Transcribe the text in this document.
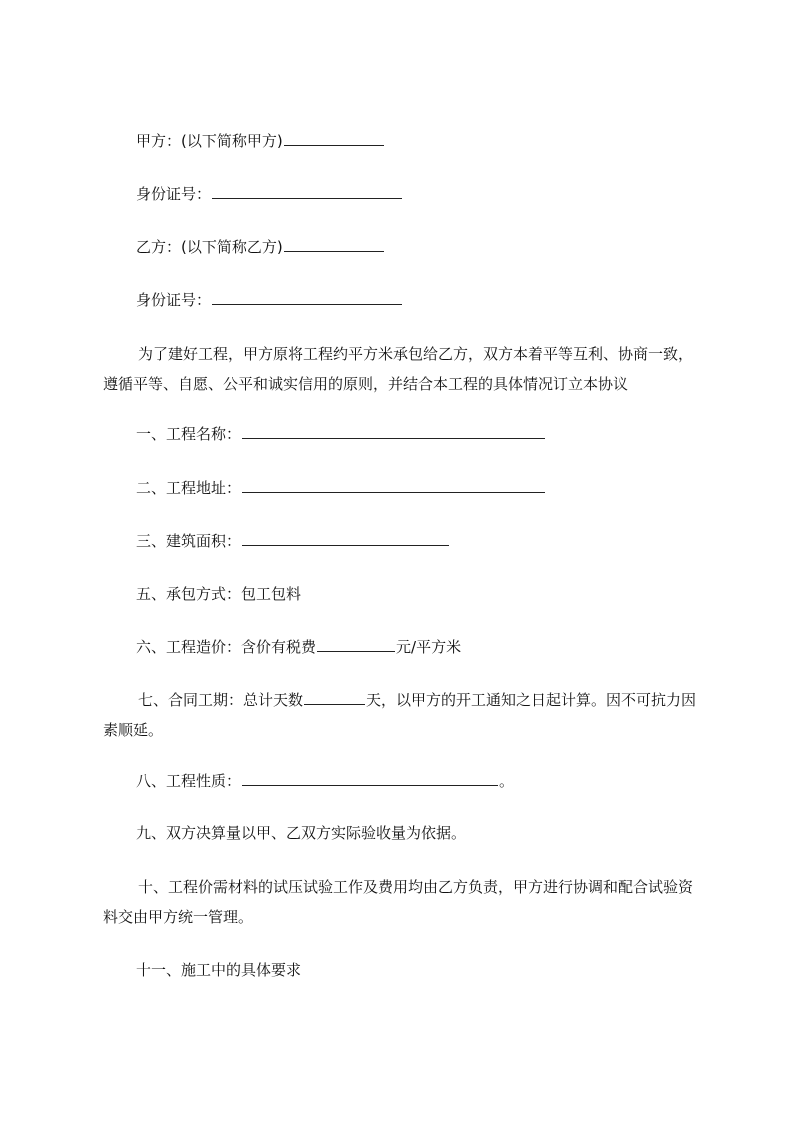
甲方：(以下简称甲方)
身份证号：
乙方：(以下简称乙方)
身份证号：
为了建好工程，甲方原将工程约平方米承包给乙方，双方本着平等互利、协商一致，遵循平等、自愿、公平和诚实信用的原则，并结合本工程的具体情况订立本协议
一、工程名称：
二、工程地址：
三、建筑面积：
五、承包方式：包工包料
六、工程造价：含价有税费	元/平方米
七、合同工期：总计天数	天，以甲方的开工通知之日起计算。因不可抗力因素顺延。
八、工程性质：	。
九、双方决算量以甲、乙双方实际验收量为依据。
十、工程价需材料的试压试验工作及费用均由乙方负责，甲方进行协调和配合试验资料交由甲方统一管理。
十一、施工中的具体要求
